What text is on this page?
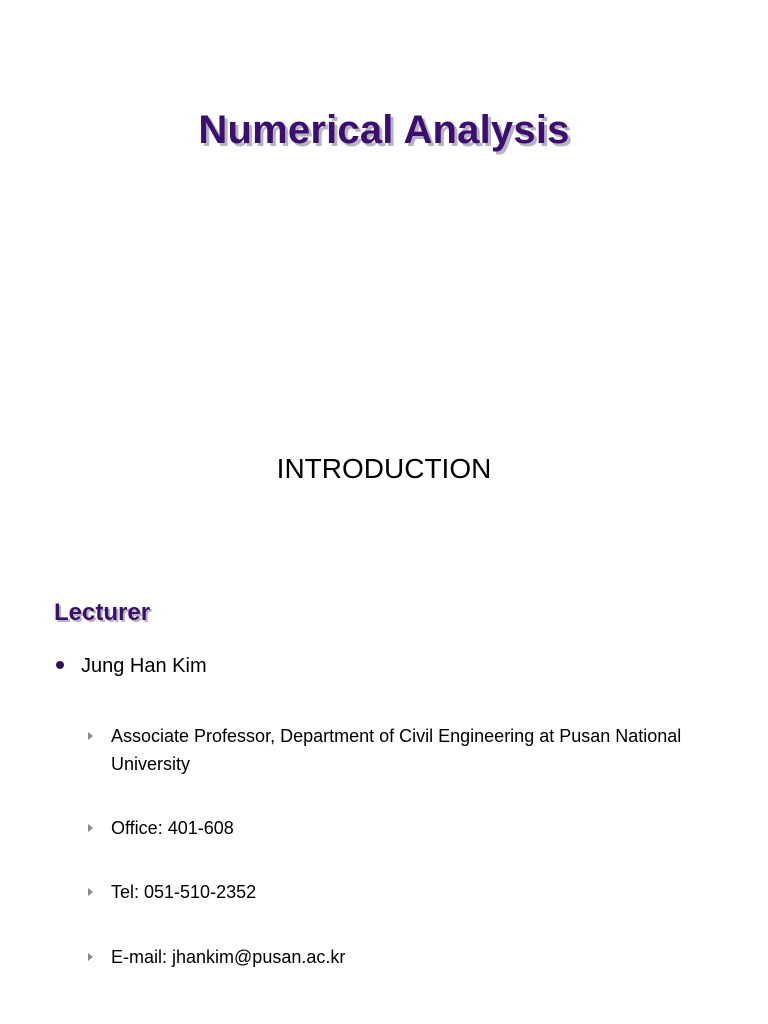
Numerical Analysis
INTRODUCTION
Lecturer
Jung Han Kim
Associate Professor, Department of Civil Engineering at Pusan National University
Office: 401-608
Tel: 051-510-2352
E-mail: jhankim@pusan.ac.kr
